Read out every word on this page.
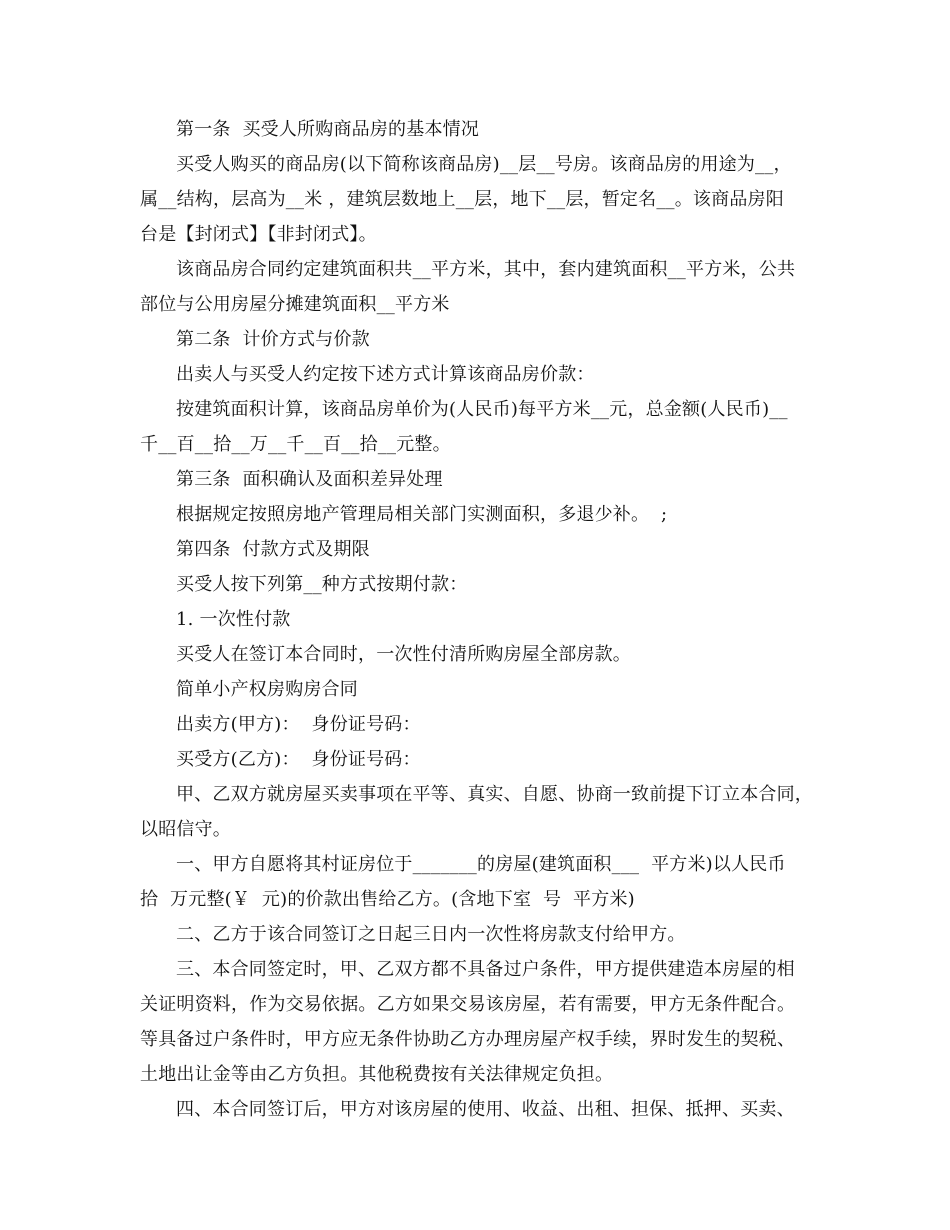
第一条  买受人所购商品房的基本情况
买受人购买的商品房(以下简称该商品房)__层__号房。该商品房的用途为__，
属__结构，层高为__米 ，建筑层数地上__层，地下__层，暂定名__。该商品房阳
台是【封闭式】【非封闭式】。
该商品房合同约定建筑面积共__平方米，其中，套内建筑面积__平方米，公共
部位与公用房屋分摊建筑面积__平方米
第二条  计价方式与价款
出卖人与买受人约定按下述方式计算该商品房价款：
按建筑面积计算，该商品房单价为(人民币)每平方米__元，总金额(人民币)__
千__百__拾__万__千__百__拾__元整。
第三条  面积确认及面积差异处理
根据规定按照房地产管理局相关部门实测面积，多退少补。  ;
第四条  付款方式及期限
买受人按下列第__种方式按期付款：
1. 一次性付款
买受人在签订本合同时，一次性付清所购房屋全部房款。
简单小产权房购房合同
出卖方(甲方)：  身份证号码：
买受方(乙方)：  身份证号码：
甲、乙双方就房屋买卖事项在平等、真实、自愿、协商一致前提下订立本合同，
以昭信守。
一、甲方自愿将其村证房位于_______的房屋(建筑面积___  平方米)以人民币
拾  万元整(￥  元)的价款出售给乙方。(含地下室  号  平方米)
二、乙方于该合同签订之日起三日内一次性将房款支付给甲方。
三、本合同签定时，甲、乙双方都不具备过户条件，甲方提供建造本房屋的相
关证明资料，作为交易依据。乙方如果交易该房屋，若有需要，甲方无条件配合。
等具备过户条件时，甲方应无条件协助乙方办理房屋产权手续，界时发生的契税、
土地出让金等由乙方负担。其他税费按有关法律规定负担。
四、本合同签订后，甲方对该房屋的使用、收益、出租、担保、抵押、买卖、
